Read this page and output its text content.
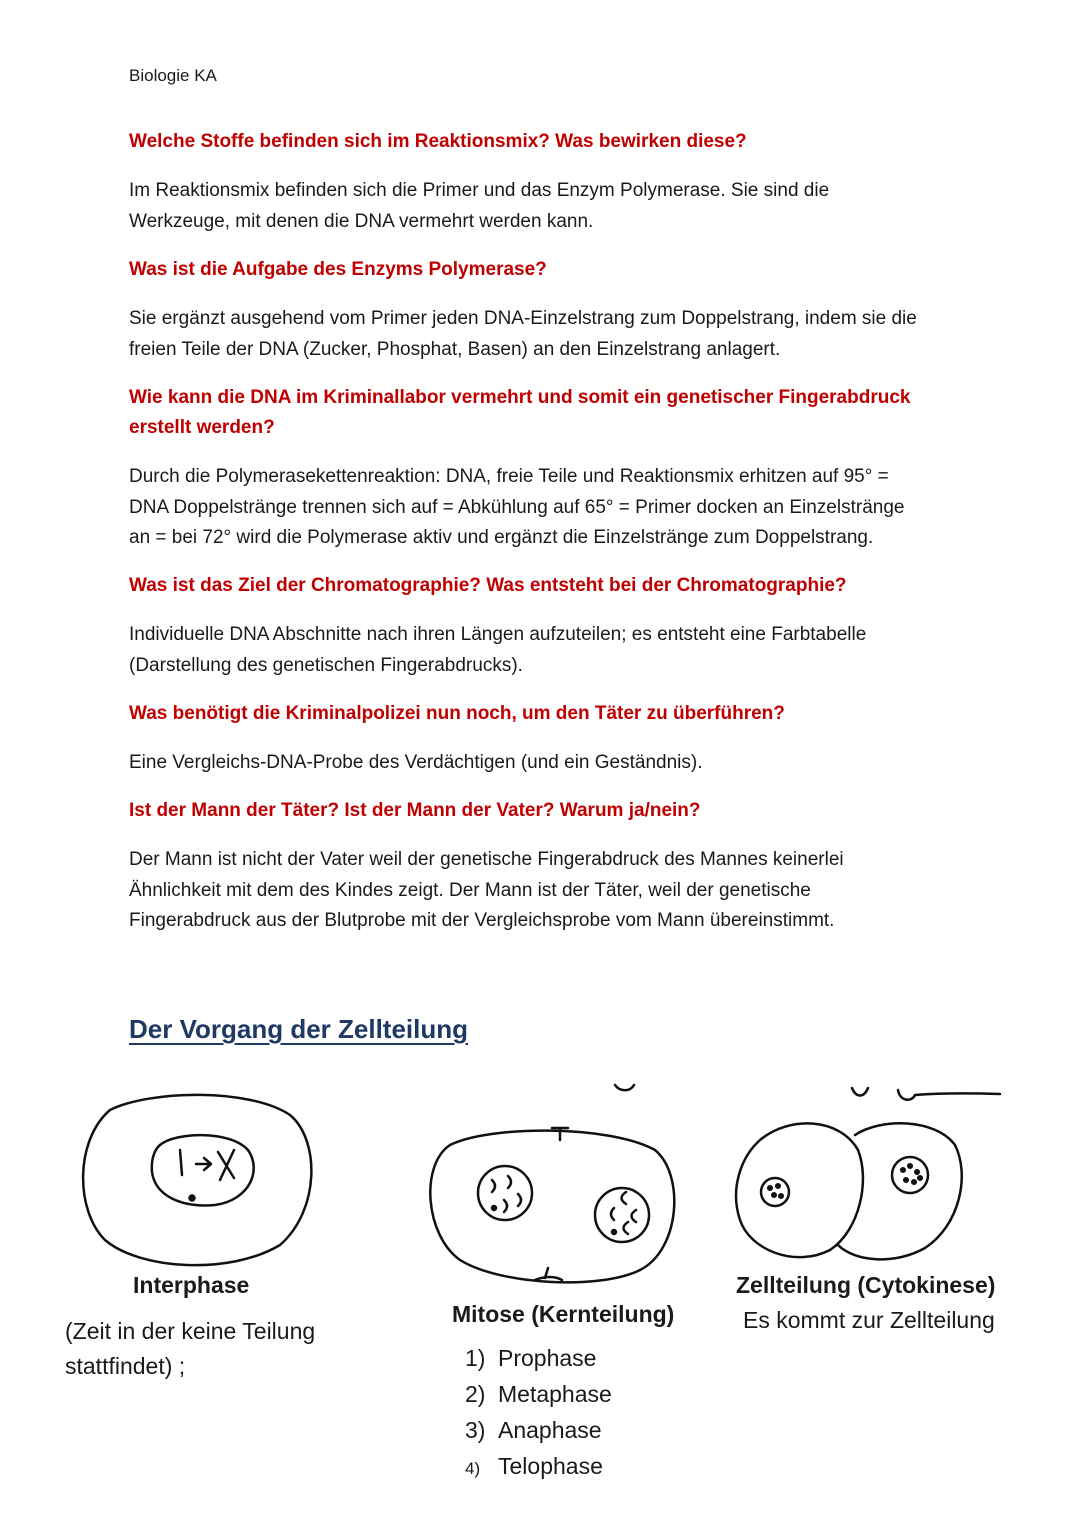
Biologie KA

Welche Stoffe befinden sich im Reaktionsmix? Was bewirken diese?

Im Reaktionsmix befinden sich die Primer und das Enzym Polymerase. Sie sind die

Werkzeuge, mit denen die DNA vermehrt werden kann.

Was ist die Aufgabe des Enzyms Polymerase?

Sie ergänzt ausgehend vom Primer jeden DNA-Einzelstrang zum Doppelstrang, indem sie die

freien Teile der DNA (Zucker, Phosphat, Basen) an den Einzelstrang anlagert.

Wie kann die DNA im Kriminallabor vermehrt und somit ein genetischer Fingerabdruck

erstellt werden?

Durch die Polymerasekettenreaktion: DNA, freie Teile und Reaktionsmix erhitzen auf 95° =

DNA Doppelstränge trennen sich auf = Abkühlung auf 65° = Primer docken an Einzelstränge

an = bei 72° wird die Polymerase aktiv und ergänzt die Einzelstränge zum Doppelstrang.

Was ist das Ziel der Chromatographie? Was entsteht bei der Chromatographie?

Individuelle DNA Abschnitte nach ihren Längen aufzuteilen; es entsteht eine Farbtabelle

(Darstellung des genetischen Fingerabdrucks).

Was benötigt die Kriminalpolizei nun noch, um den Täter zu überführen?

Eine Vergleichs-DNA-Probe des Verdächtigen (und ein Geständnis).

Ist der Mann der Täter? Ist der Mann der Vater? Warum ja/nein?

Der Mann ist nicht der Vater weil der genetische Fingerabdruck des Mannes keinerlei

Ähnlichkeit mit dem des Kindes zeigt. Der Mann ist der Täter, weil der genetische

Fingerabdruck aus der Blutprobe mit der Vergleichsprobe vom Mann übereinstimmt.

Der Vorgang der Zellteilung
Interphase
(Zeit in der keine Teilung
stattfindet) ;
Mitose (Kernteilung)
1) Prophase
2) Metaphase
3) Anaphase
4) Telophase
Zellteilung (Cytokinese)
Es kommt zur Zellteilung
